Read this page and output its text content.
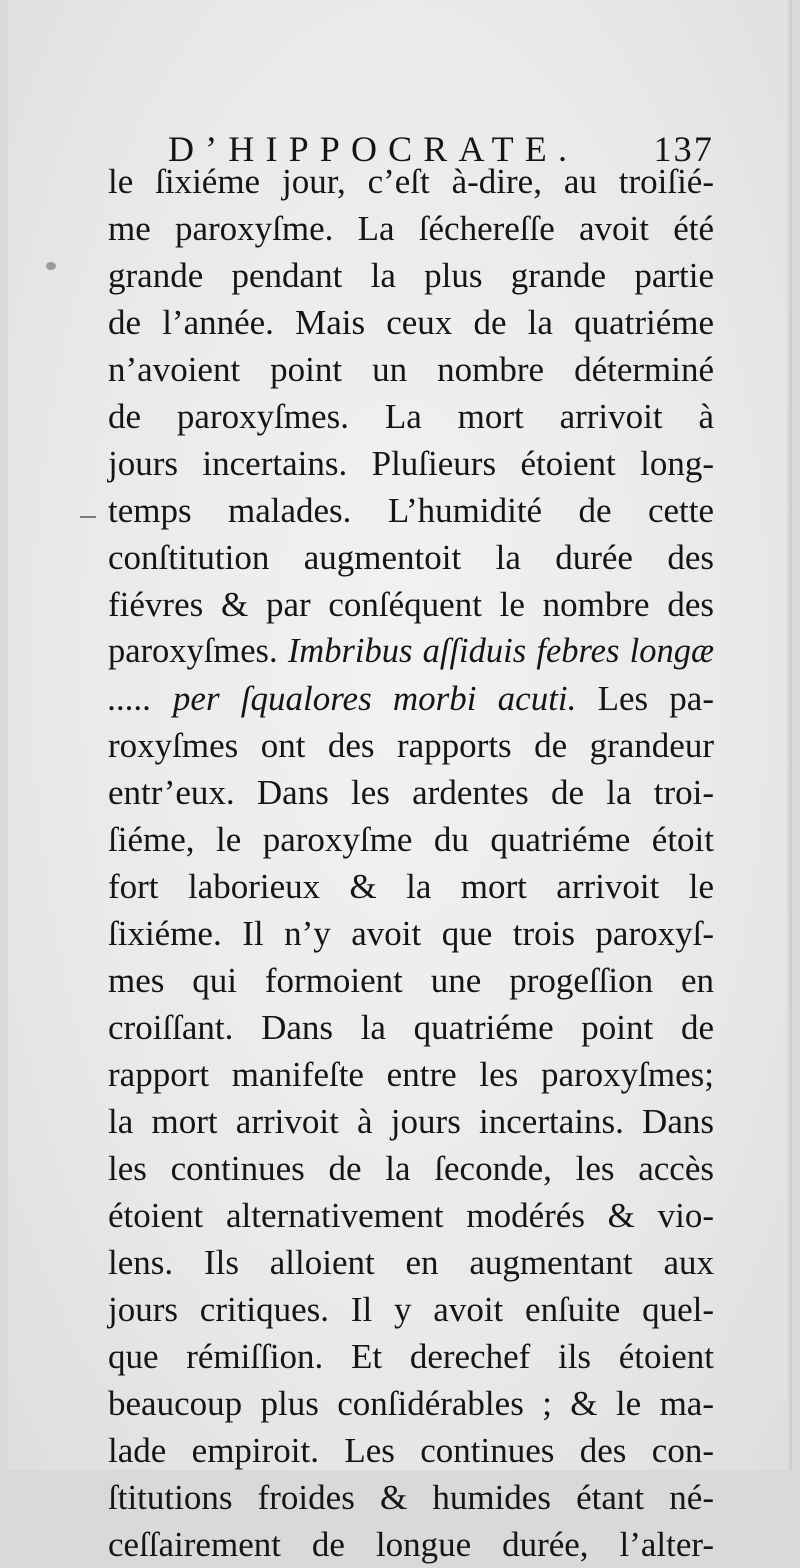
D’HIPPOCRATE. 137
le ſixiéme jour, c’eſt à-dire, au troiſié-
me paroxyſme. La ſéchereſſe avoit été
grande pendant la plus grande partie
de l’année. Mais ceux de la quatriéme
n’avoient point un nombre déterminé
de paroxyſmes. La mort arrivoit à
jours incertains. Pluſieurs étoient long-
temps malades. L’humidité de cette
conſtitution augmentoit la durée des
fiévres & par conſéquent le nombre des
paroxyſmes. Imbribus aſſiduis febres longæ
..... per ſqualores morbi acuti. Les pa-
roxyſmes ont des rapports de grandeur
entr’eux. Dans les ardentes de la troi-
ſiéme, le paroxyſme du quatriéme étoit
fort laborieux & la mort arrivoit le
ſixiéme. Il n’y avoit que trois paroxyſ-
mes qui formoient une progeſſion en
croiſſant. Dans la quatriéme point de
rapport manifeſte entre les paroxyſmes;
la mort arrivoit à jours incertains. Dans
les continues de la ſeconde, les accès
étoient alternativement modérés & vio-
lens. Ils alloient en augmentant aux
jours critiques. Il y avoit enſuite quel-
que rémiſſion. Et derechef ils étoient
beaucoup plus conſidérables ; & le ma-
lade empiroit. Les continues des con-
ſtitutions froides & humides étant né-
ceſſairement de longue durée, l’alter-
